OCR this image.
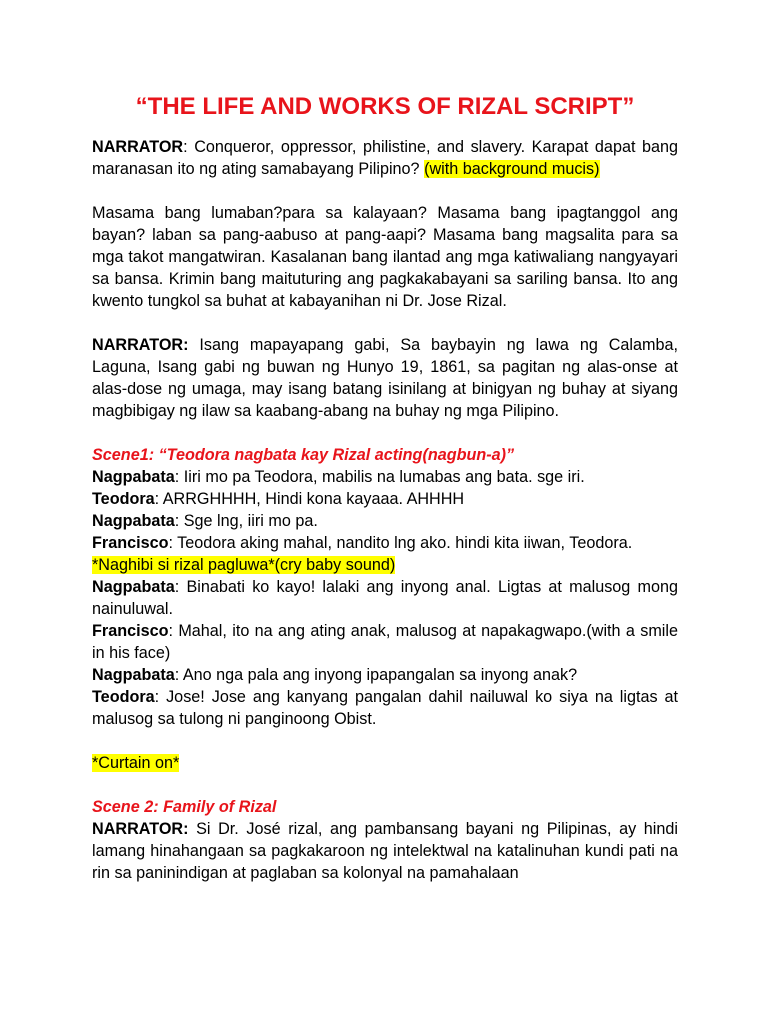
“THE LIFE AND WORKS OF RIZAL SCRIPT”

NARRATOR: Conqueror, oppressor, philistine, and slavery. Karapat dapat bang maranasan ito ng ating samabayang Pilipino? (with background mucis)

Masama bang lumaban?para sa kalayaan? Masama bang ipagtanggol ang bayan? laban sa pang-aabuso at pang-aapi? Masama bang magsalita para sa mga takot mangatwiran. Kasalanan bang ilantad ang mga katiwaliang nangyayari sa bansa. Krimin bang maituturing ang pagkakabayani sa sariling bansa. Ito ang kwento tungkol sa buhat at kabayanihan ni Dr. Jose Rizal.

NARRATOR: Isang mapayapang gabi, Sa baybayin ng lawa ng Calamba, Laguna, Isang gabi ng buwan ng Hunyo 19, 1861, sa pagitan ng alas-onse at alas-dose ng umaga, may isang batang isinilang at binigyan ng buhay at siyang magbibigay ng ilaw sa kaabang-abang na buhay ng mga Pilipino.

Scene1: “Teodora nagbata kay Rizal acting(nagbun-a)”

Nagpabata: Iiri mo pa Teodora, mabilis na lumabas ang bata. sge iri.

Teodora: ARRGHHHH, Hindi kona kayaaa. AHHHH

Nagpabata: Sge lng, iiri mo pa.

Francisco: Teodora aking mahal, nandito lng ako. hindi kita iiwan, Teodora.

*Naghibi si rizal pagluwa*(cry baby sound)

Nagpabata: Binabati ko kayo! lalaki ang inyong anal. Ligtas at malusog mong nainuluwal.

Francisco: Mahal, ito na ang ating anak, malusog at napakagwapo.(with a smile in his face)

Nagpabata: Ano nga pala ang inyong ipapangalan sa inyong anak?

Teodora: Jose! Jose ang kanyang pangalan dahil nailuwal ko siya na ligtas at malusog sa tulong ni panginoong Obist.

*Curtain on*

Scene 2: Family of Rizal

NARRATOR: Si Dr. José rizal, ang pambansang bayani ng Pilipinas, ay hindi lamang hinahangaan sa pagkakaroon ng intelektwal na katalinuhan kundi pati na rin sa paninindigan at paglaban sa kolonyal na pamahalaan
